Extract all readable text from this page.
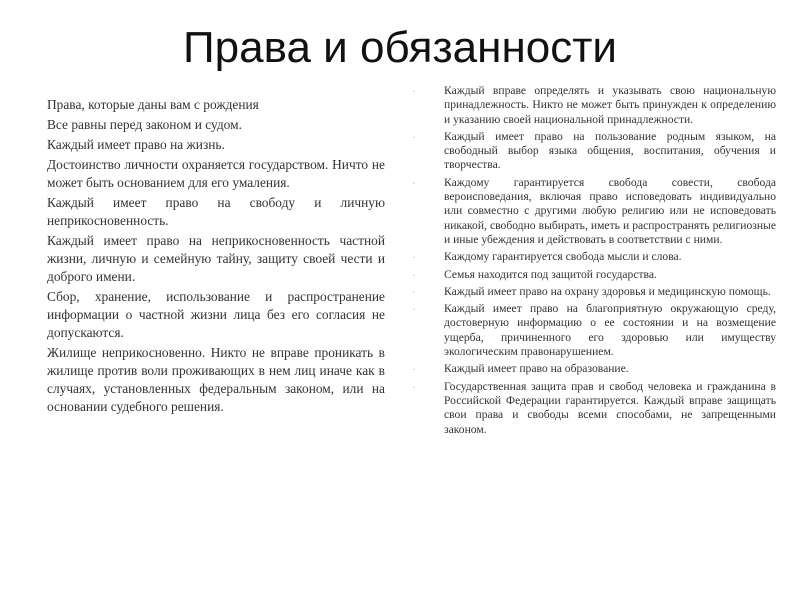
Права и обязанности

Права, которые даны вам с рождения

Все равны перед законом и судом.

Каждый имеет право на жизнь.

Достоинство личности охраняется государством. Ничто не может быть основанием для его умаления.

Каждый имеет право на свободу и личную неприкосновенность.

Каждый имеет право на неприкосновенность частной жизни, личную и семейную тайну, защиту своей чести и доброго имени.

Сбор, хранение, использование и распространение информации о частной жизни лица без его согласия не допускаются.

Жилище неприкосновенно. Никто не вправе проникать в жилище против воли проживающих в нем лиц иначе как в случаях, установленных федеральным законом, или на основании судебного решения.

· Каждый вправе определять и указывать свою национальную принадлежность. Никто не может быть принужден к определению и указанию своей национальной принадлежности.

· Каждый имеет право на пользование родным языком, на свободный выбор языка общения, воспитания, обучения и творчества.

· Каждому гарантируется свобода совести, свобода вероисповедания, включая право исповедовать индивидуально или совместно с другими любую религию или не исповедовать никакой, свободно выбирать, иметь и распространять религиозные и иные убеждения и действовать в соответствии с ними.

· Каждому гарантируется свобода мысли и слова.

· Семья находится под защитой государства.

· Каждый имеет право на охрану здоровья и медицинскую помощь.

· Каждый имеет право на благоприятную окружающую среду, достоверную информацию о ее состоянии и на возмещение ущерба, причиненного его здоровью или имуществу экологическим правонарушением.

· Каждый имеет право на образование.

· Государственная защита прав и свобод человека и гражданина в Российской Федерации гарантируется. Каждый вправе защищать свои права и свободы всеми способами, не запрещенными законом.
